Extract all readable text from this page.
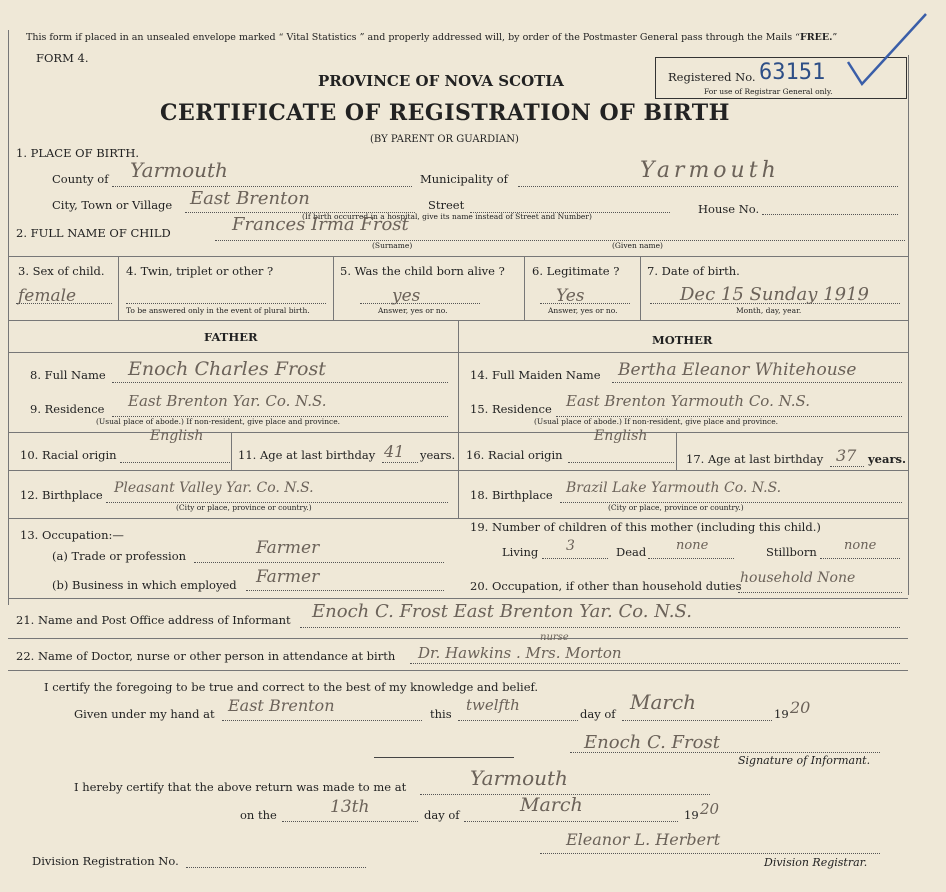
This form if placed in an unsealed envelope marked “ Vital Statistics ” and properly addressed will, by order of the Postmaster General pass through the Mails “FREE.”
FORM 4.
PROVINCE OF NOVA SCOTIA
CERTIFICATE OF REGISTRATION OF BIRTH
(BY PARENT OR GUARDIAN)
Registered No. 63151
For use of Registrar General only.
1. PLACE OF BIRTH.
County of Yarmouth	Municipality of	Yarmouth
City, Town or Village East Brenton	Street
(If birth occurred in a hospital, give its name instead of Street and Number)
House No.
2. FULL NAME OF CHILD	Frances Irma Frost
(Surname)	(Given name)
3. Sex of child.
female
4. Twin, triplet or other ?
To be answered only in the event of plural birth.
5. Was the child born alive ?
yes
Answer, yes or no.
6. Legitimate ?
Yes
Answer, yes or no.
7. Date of birth.
Dec 15 Sunday 1919
Month, day, year.
FATHER	MOTHER
8. Full Name Enoch Charles Frost
9. Residence East Brenton Yar. Co. N.S.
(Usual place of abode.) If non-resident, give place and province.
10. Racial origin
English
11. Age at last birthday 41 years.
12. Birthplace Pleasant Valley Yar. Co. N.S.
(City or place, province or country.)
14. Full Maiden Name Bertha Eleanor Whitehouse
15. Residence East Brenton Yarmouth Co. N.S.
(Usual place of abode.) If non-resident, give place and province.
16. Racial origin
English
17. Age at last birthday 37 years.
18. Birthplace Brazil Lake Yarmouth Co. N.S.
(City or place, province or country.)
13. Occupation:—
(a) Trade or profession	Farmer
(b) Business in which employed Farmer
19. Number of children of this mother (including this child.)
Living 3	Dead none	Stillborn none
20. Occupation, if other than household duties
household None
21. Name and Post Office address of Informant Enoch C. Frost East Brenton Yar. Co. N.S.
22. Name of Doctor, nurse or other person in attendance at birth Dr. Hawkins . Mrs. Morton
nurse
I certify the foregoing to be true and correct to the best of my knowledge and belief.
Given under my hand at East Brenton	this twelfth	day of March	19 20
Enoch C. Frost
Signature of Informant.
I hereby certify that the above return was made to me at	Yarmouth
on the	13th	day of	March	19 20
Division Registration No.
Eleanor L. Herbert
Division Registrar.
